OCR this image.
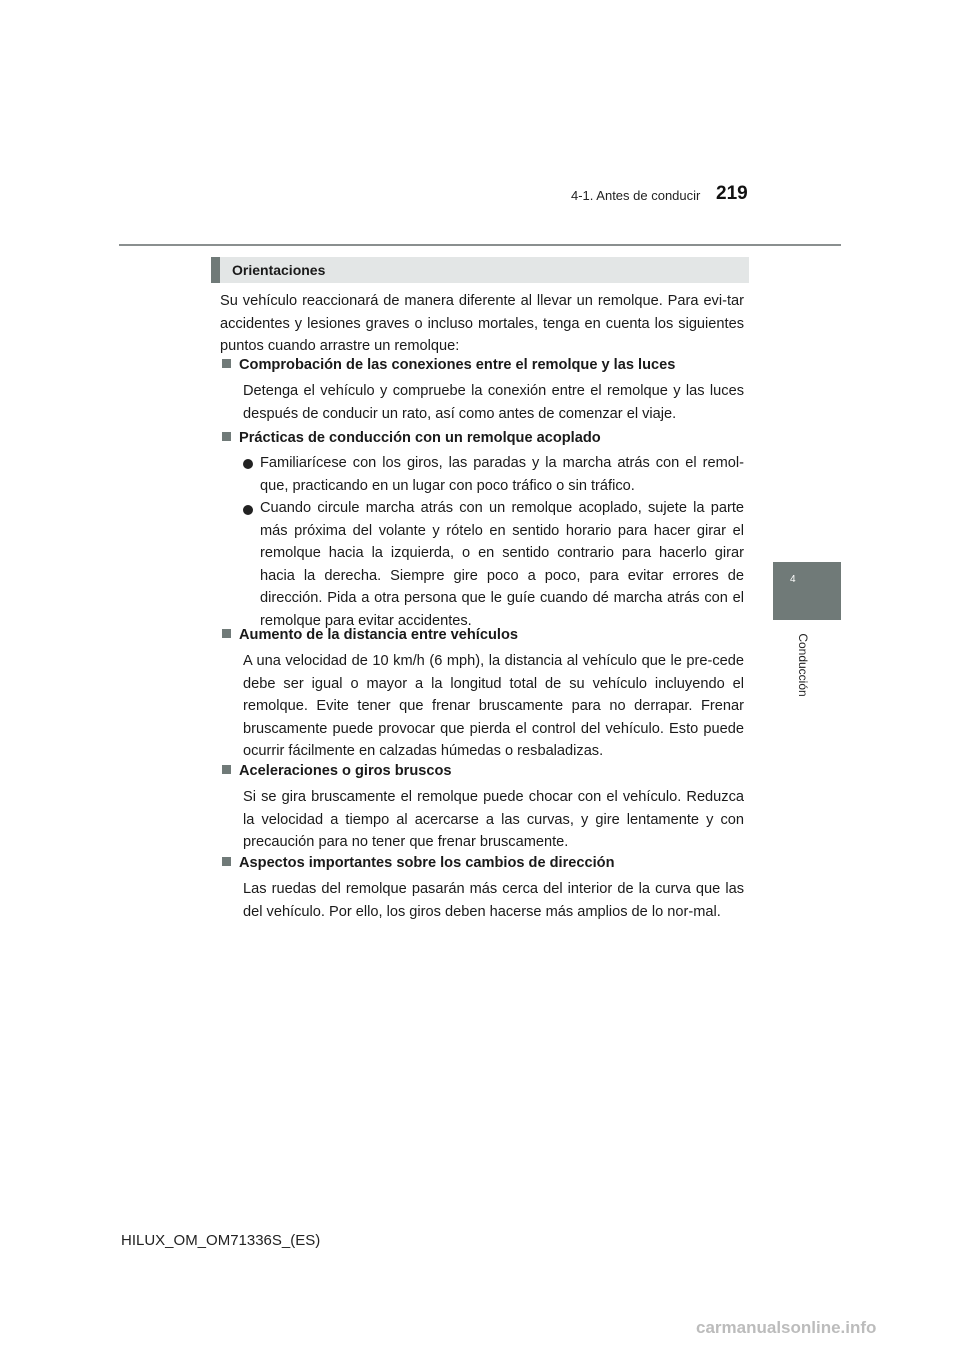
4-1. Antes de conducir 219
4
Conducción
Orientaciones

Su vehículo reaccionará de manera diferente al llevar un remolque. Para evi-tar accidentes y lesiones graves o incluso mortales, tenga en cuenta los siguientes puntos cuando arrastre un remolque:

Comprobación de las conexiones entre el remolque y las luces

Detenga el vehículo y compruebe la conexión entre el remolque y las luces después de conducir un rato, así como antes de comenzar el viaje.

Prácticas de conducción con un remolque acoplado

Familiarícese con los giros, las paradas y la marcha atrás con el remol-que, practicando en un lugar con poco tráfico o sin tráfico.

Cuando circule marcha atrás con un remolque acoplado, sujete la parte más próxima del volante y rótelo en sentido horario para hacer girar el remolque hacia la izquierda, o en sentido contrario para hacerlo girar hacia la derecha. Siempre gire poco a poco, para evitar errores de dirección. Pida a otra persona que le guíe cuando dé marcha atrás con el remolque para evitar accidentes.

Aumento de la distancia entre vehículos

A una velocidad de 10 km/h (6 mph), la distancia al vehículo que le pre-cede debe ser igual o mayor a la longitud total de su vehículo incluyendo el remolque. Evite tener que frenar bruscamente para no derrapar. Frenar bruscamente puede provocar que pierda el control del vehículo. Esto puede ocurrir fácilmente en calzadas húmedas o resbaladizas.

Aceleraciones o giros bruscos

Si se gira bruscamente el remolque puede chocar con el vehículo. Reduzca la velocidad a tiempo al acercarse a las curvas, y gire lentamente y con precaución para no tener que frenar bruscamente.

Aspectos importantes sobre los cambios de dirección

Las ruedas del remolque pasarán más cerca del interior de la curva que las del vehículo. Por ello, los giros deben hacerse más amplios de lo nor-mal.

HILUX_OM_OM71336S_(ES)
carmanualsonline.info
